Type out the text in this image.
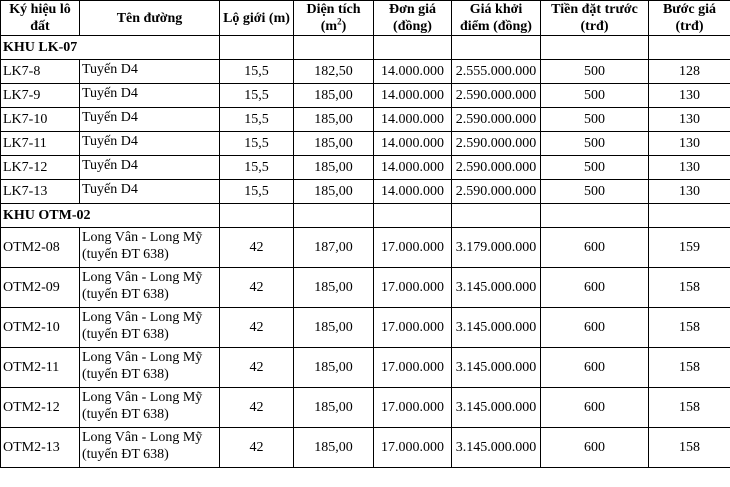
Ký hiệu lô đất	Tên đường	Lộ giới (m)	Diện tích $(m^2)$	Đơn giá (đồng)	Giá khởi điểm (đồng)	Tiền đặt trước (trđ)	Bước giá (trđ)
KHU LK-07							
LK7-8	Tuyến D4	15,5	182,50	14.000.000	2.555.000.000	500	128
LK7-9	Tuyến D4	15,5	185,00	14.000.000	2.590.000.000	500	130
LK7-10	Tuyến D4	15,5	185,00	14.000.000	2.590.000.000	500	130
LK7-11	Tuyến D4	15,5	185,00	14.000.000	2.590.000.000	500	130
LK7-12	Tuyến D4	15,5	185,00	14.000.000	2.590.000.000	500	130
LK7-13	Tuyến D4	15,5	185,00	14.000.000	2.590.000.000	500	130
KHU OTM-02							
OTM2-08	Long Vân - Long Mỹ (tuyến ĐT 638)	42	187,00	17.000.000	3.179.000.000	600	159
OTM2-09	Long Vân - Long Mỹ (tuyến ĐT 638)	42	185,00	17.000.000	3.145.000.000	600	158
OTM2-10	Long Vân - Long Mỹ (tuyến ĐT 638)	42	185,00	17.000.000	3.145.000.000	600	158
OTM2-11	Long Vân - Long Mỹ (tuyến ĐT 638)	42	185,00	17.000.000	3.145.000.000	600	158
OTM2-12	Long Vân - Long Mỹ (tuyến ĐT 638)	42	185,00	17.000.000	3.145.000.000	600	158
OTM2-13	Long Vân - Long Mỹ (tuyến ĐT 638)	42	185,00	17.000.000	3.145.000.000	600	158
